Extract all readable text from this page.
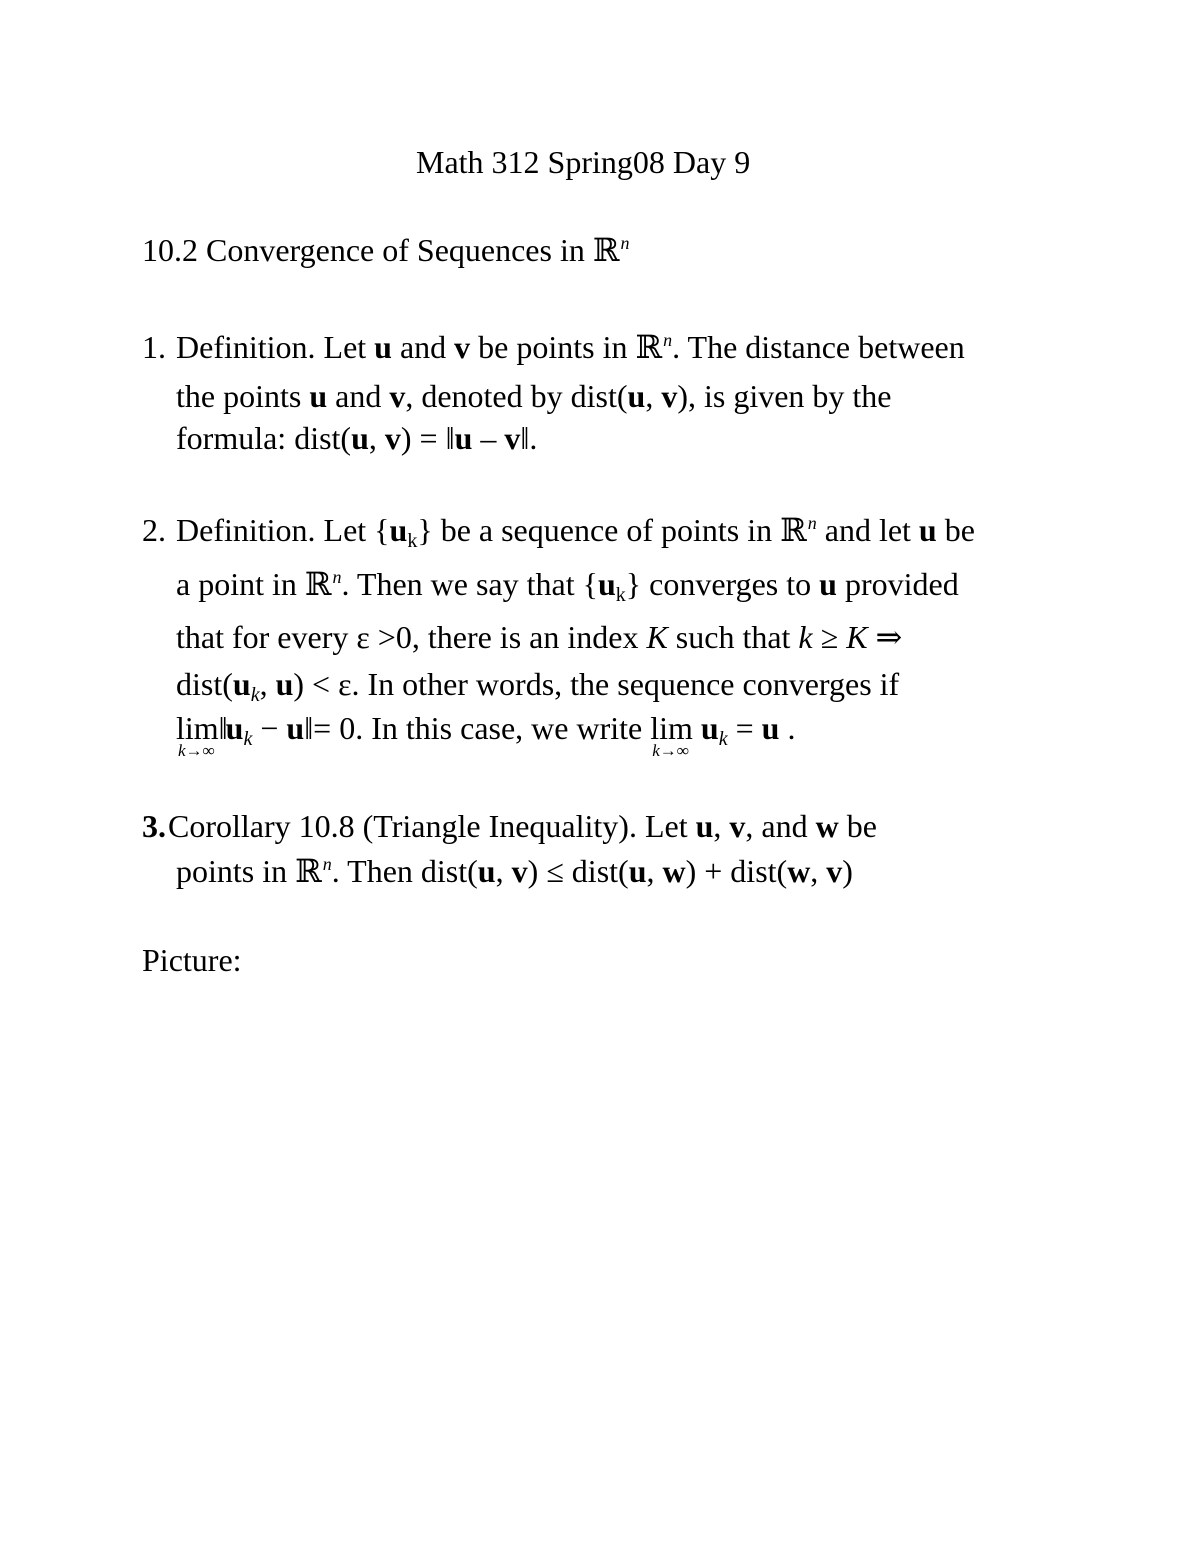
Math 312 Spring08 Day 9
10.2 Convergence of Sequences in ℝ$^n$
1. Definition. Let u and v be points in ℝ$^n$. The distance between
the points u and v, denoted by dist(u, v), is given by the
formula: dist(u, v) = ‖u – v‖.
2. Definition. Let {uk} be a sequence of points in ℝ$^n$ and let u be
a point in ℝ$^n$. Then we say that {uk} converges to u provided
that for every ε >0, there is an index K such that k ≥ K ⇒
dist(uk, u) < ε. In other words, the sequence converges if
lim
k→∞
‖uk − u‖= 0. In this case, we write lim
k→∞
uk = u .
3. Corollary 10.8 (Triangle Inequality). Let u, v, and w be
points in ℝ$^n$. Then dist(u, v) ≤ dist(u, w) + dist(w, v)
Picture:
